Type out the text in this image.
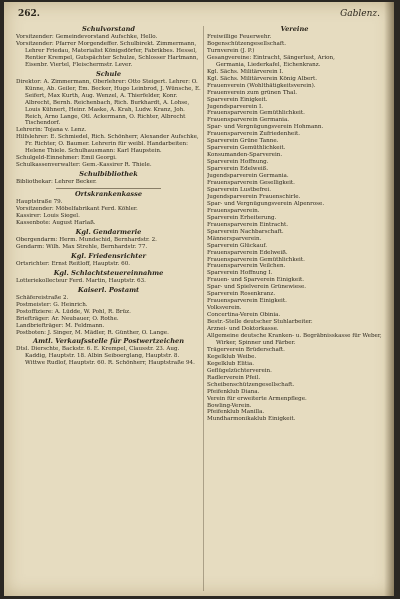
262.	Gablenz.
Schulvorstand
Vorsitzender: Gemeindevorstand Aufschke, Hello.
Vorsitzender: Pfarrer Morgendeffer. Schulbirekt. Zimmermann, Lehrer Friedau, Materialist Königsdörfer, Fabrikbes. Hessel, Rentier Krempel, Gutspächter Schulze, Schlosser Hartmann, Eisenbr. Viertel, Fleischermstr. Lever.
Schule
Direktor: A. Zimmermann, Oberlehrer: Otto Steigert. Lehrer: O. Künne, Ab. Geiler, Em. Becker, Hugo Leinbrod, J. Wünsche, E. Seifert, Max Kurth, Aug. Wenzel, A. Thierfelder, Konr. Albrecht, Bernh. Reichenbach, Rich. Burkhardt, A. Lohse, Louis Kühnert, Heinr. Maske, A. Krah, Ludw. Kranz, Joh. Reich, Arno Lange, Otl. Ackermann, O. Richter, Albrecht Tischendorf.
Lehrerin: Tojana v. Lenz.
Hilfslehrer: E. Schmiedel, Rich. Schönherr, Alexander Aufschke, Fr. Richter, O. Baumer. Lehrerin für weibl. Handarbeiten: Helene Thiele. Schulhausmann: Karl Haupstein.
Schulgeld-Einnehmer: Emil Georgi.
Schulkassenverwalter: Gem.-Kassirer R. Thiele.
Schulbibliothek
Bibliothekar: Lehrer Becker.
Ortskrankenkasse
Hauptstraße 79.
Vorsitzender: Möbelfabrikant Ferd. Köhler.
Kassirer: Louis Siegel.
Kassenbote: August Harlaß.
Kgl. Gendarmerie
Obergendarm: Herm. Mundschid, Bernhardstr. 2.
Gendarm: Wilh. Max Strehle, Bernhardstr. 77.
Kgl. Friedensrichter
Ortsrichter: Ernst Reitloff, Hauptstr. 60.
Kgl. Schlachtsteuereinnahme
Lotteriekollecteur Ferd. Martin, Hauptstr. 63.
Kaiserl. Postamt
Schäfereistraße 2.
Postmeister: G. Heinrich.
Postoffiziere: A. Lüdde, W. Pohl, R. Brüz.
Briefträger: Ar. Neubauer, O. Rothe.
Landbriefträger: M. Feldmann.
Postboten: J. Singer, M. Mädler, R. Günther, O. Lange.
Amtl. Verkaufsstelle für Postwertzeichen
Dtsl. Dierschte, Backstr. 6. E. Krempel, Clausstr. 23. Aug. Kaddig, Hauptstr. 18. Albin Seiboerglang, Hauptstr. 8. Wittwe Rudlof, Hauptstr. 60. R. Schönherr, Hauptstraße 94.
Vereine
Freiwillige Feuerwehr.
Bogenschützengesellschaft.
Turnverein (J. P.)
Gesangvereine: Eintracht, Sängerlust, Arion,
Germania, Liederkafel, Eichenkranz.
Kgl. Sächs. Militärverein I.
Kgl. Sächs. Militärverein König Albert.
Frauenverein (Wohlthätigkeitsverein).
Frauenverein zum grünen Thal.
Sparverein Einigkeit.
Jugendsparverein I.
Frauensparverein Gemüthlichkeit.
Frauensparverein Germania.
Spar- und Vergnügungsverein Hohmann.
Frauensparverein Zufriedenheit.
Sparverein Grüne Tanne.
Sparverein Gemüthlichkeit.
Konsumanden-Sparverein.
Sparverein Hoffnung.
Sparverein Edelweiß.
Jugendsparverein Germania.
Frauensparverein Geselligkeit.
Sparverein Lustbefrei.
Jugendsparverein Frauenschirle.
Spar- und Vergnügungsverein Alpenrose.
Frauensparverein.
Sparverein Erheiterung.
Frauensparverein Eintracht.
Sparverein Nachbarschaft.
Männersparverein.
Sparverein Glückauf.
Frauensparverein Edelweiß.
Frauensparverein Gemüthlichkeit.
Frauensparverein Veilchen.
Sparverein Hoffnung I.
Frauen- und Sparverein Einigkeit.
Spar- und Spielverein Grünewiese.
Sparverein Rosenkranz.
Frauensparverein Einigkeit.
Volksverein.
Concertina-Verein Obinia.
Bestr.-Stelle deutscher Stuhlarbeiter.
Arznei- und Doktorkasse.
Allgemeine deutsche Kranken- u. Begräbnisskasse für Weber, Wirker, Spinner und Färber.
Trägerverein Brüderschaft.
Kegelklub Weibe.
Kegelklub Elitia.
Geflügelzüchterverein.
Radlerverein Pfeil.
Scheibenschützengesellschaft.
Pfeifenklub Diana.
Verein für erweiterte Armenpflege.
Bowling-Verein.
Pfeifenklub Manilla.
Mundharmonikaklub Einigkeit.
